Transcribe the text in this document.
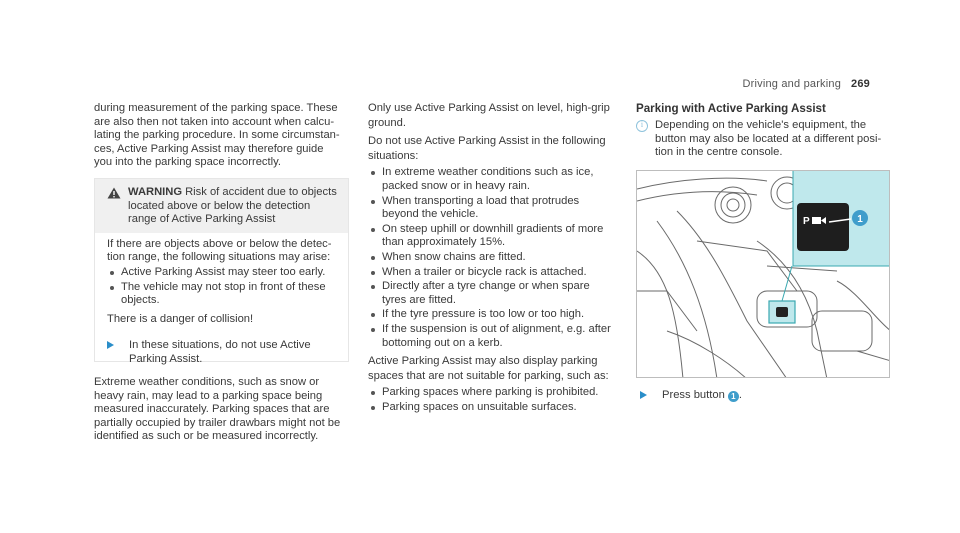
Driving and parking 269

during measurement of the parking space. These

are also then not taken into account when calcu-

lating the parking procedure. In some circumstan-

ces, Active Parking Assist may therefore guide

you into the parking space incorrectly.

WARNING Risk of accident due to objects
located above or below the detection
range of Active Parking Assist

If there are objects above or below the detec-

tion range, the following situations may arise:

Active Parking Assist may steer too early.
The vehicle may not stop in front of these
objects.

There is a danger of collision!

In these situations, do not use Active

Parking Assist.

Extreme weather conditions, such as snow or

heavy rain, may lead to a parking space being

measured inaccurately. Parking spaces that are

partially occupied by trailer drawbars might not be

identified as such or be measured incorrectly.

Only use Active Parking Assist on level, high-grip

ground.

Do not use Active Parking Assist in the following

situations:

In extreme weather conditions such as ice,
packed snow or in heavy rain.
When transporting a load that protrudes
beyond the vehicle.
On steep uphill or downhill gradients of more
than approximately 15%.
When snow chains are fitted.
When a trailer or bicycle rack is attached.
Directly after a tyre change or when spare
tyres are fitted.
If the tyre pressure is too low or too high.
If the suspension is out of alignment, e.g. after
bottoming out on a kerb.

Active Parking Assist may also display parking

spaces that are not suitable for parking, such as:

Parking spaces where parking is prohibited.
Parking spaces on unsuitable surfaces.

Parking with Active Parking Assist

i

Depending on the vehicle's equipment, the

button may also be located at a different posi-

tion in the centre console.

P	1

Press button 1 .
